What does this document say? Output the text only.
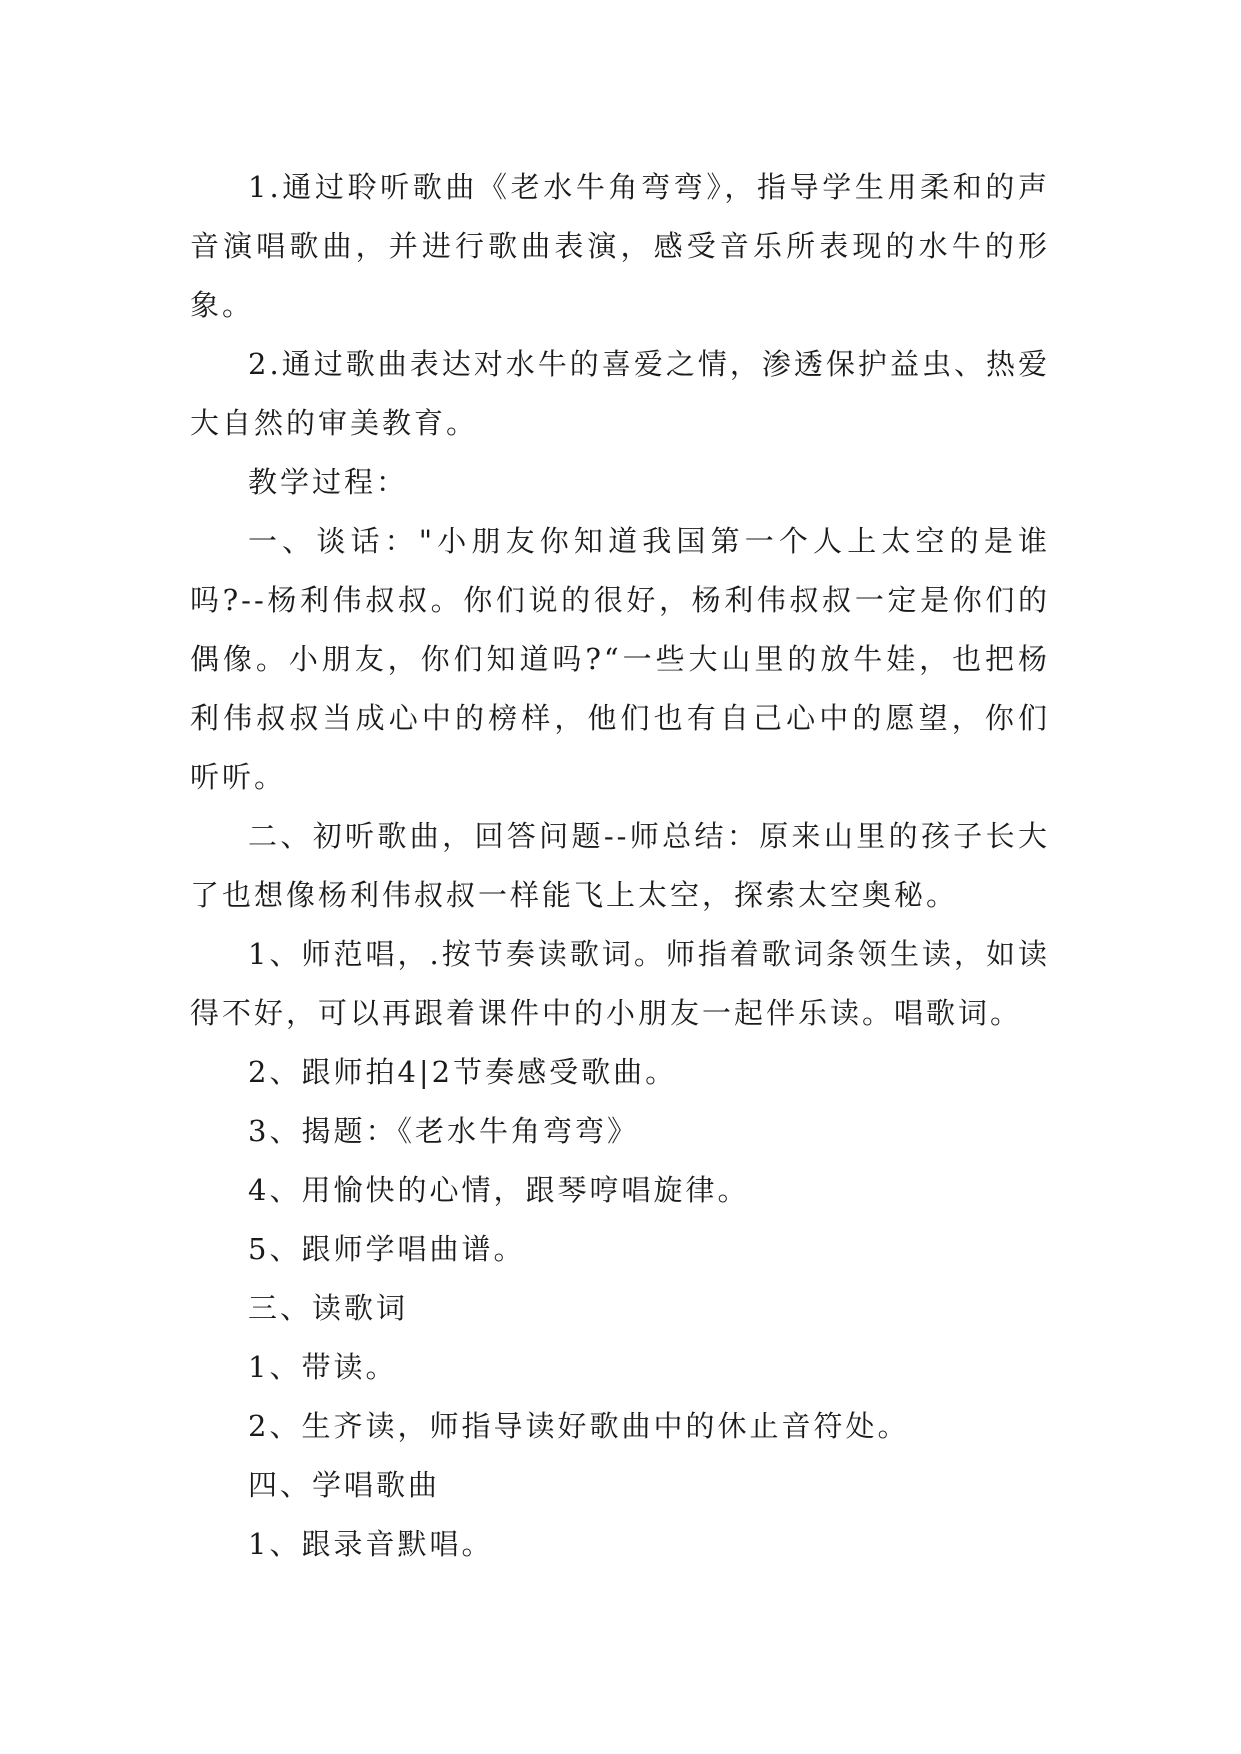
1.通过聆听歌曲《老水牛角弯弯》，指导学生用柔和的声音演唱歌曲，并进行歌曲表演，感受音乐所表现的水牛的形象。

2.通过歌曲表达对水牛的喜爱之情，渗透保护益虫、热爱大自然的审美教育。

教学过程：

一、谈话："小朋友你知道我国第一个人上太空的是谁吗?--杨利伟叔叔。你们说的很好，杨利伟叔叔一定是你们的偶像。小朋友，你们知道吗?“一些大山里的放牛娃，也把杨利伟叔叔当成心中的榜样，他们也有自己心中的愿望，你们听听。

二、初听歌曲，回答问题--师总结：原来山里的孩子长大了也想像杨利伟叔叔一样能飞上太空，探索太空奥秘。

1、师范唱，.按节奏读歌词。师指着歌词条领生读，如读得不好，可以再跟着课件中的小朋友一起伴乐读。唱歌词。

2、跟师拍4|2节奏感受歌曲。

3、揭题：《老水牛角弯弯》

4、用愉快的心情，跟琴哼唱旋律。

5、跟师学唱曲谱。

三、读歌词

1、带读。

2、生齐读，师指导读好歌曲中的休止音符处。

四、学唱歌曲

1、跟录音默唱。
